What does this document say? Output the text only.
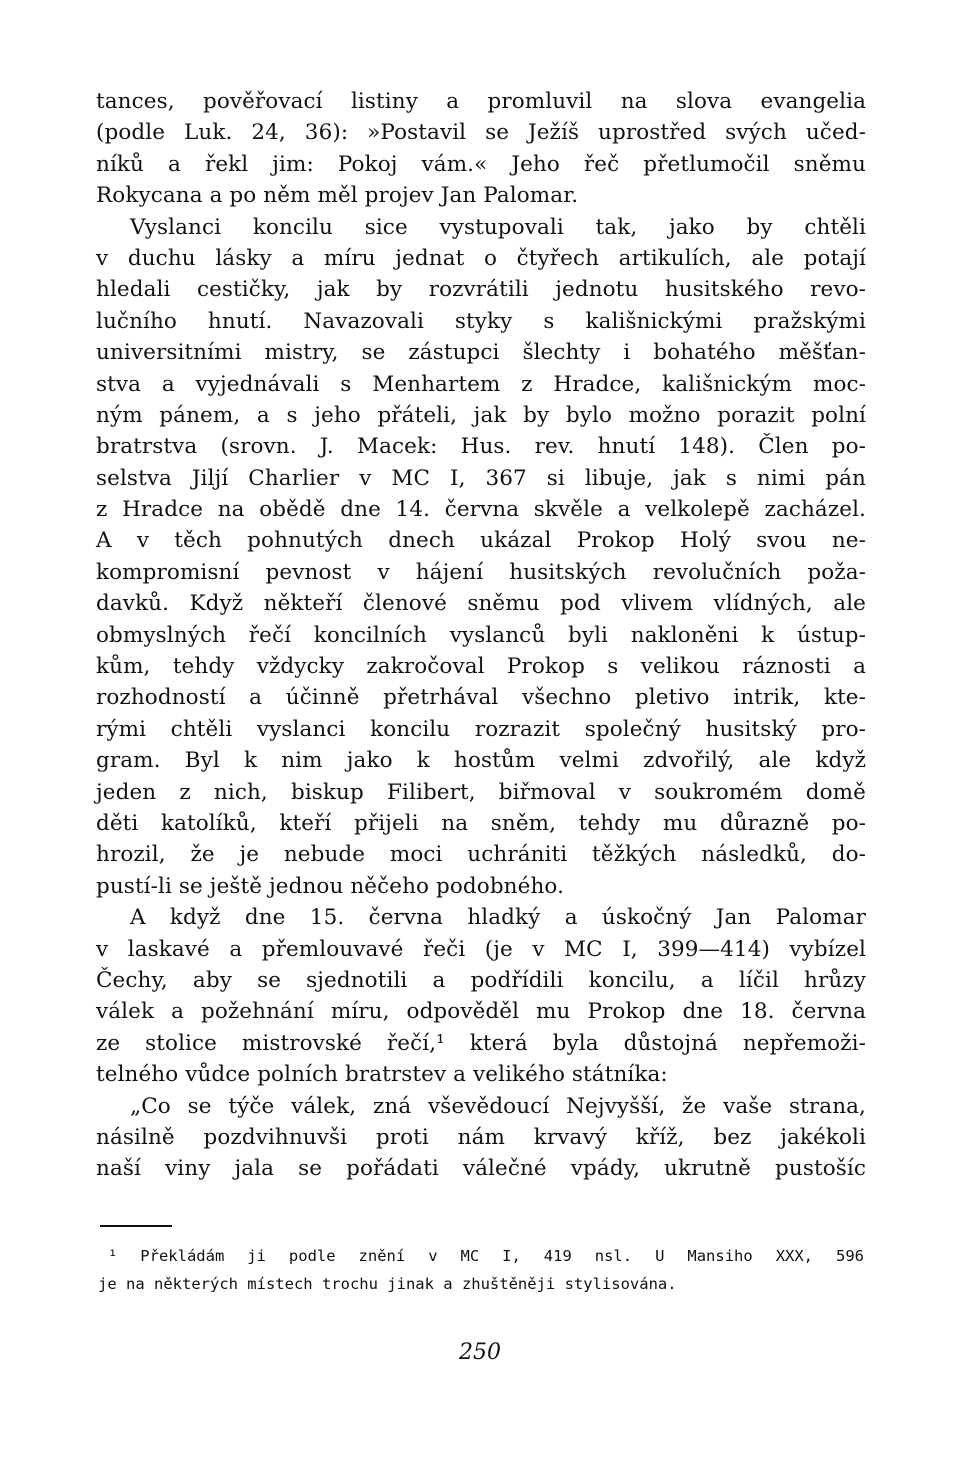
tances, pověřovací listiny a promluvil na slova evangelia
(podle Luk. 24, 36): »Postavil se Ježíš uprostřed svých učed-
níků a řekl jim: Pokoj vám.« Jeho řeč přetlumočil sněmu
Rokycana a po něm měl projev Jan Palomar.
Vyslanci koncilu sice vystupovali tak, jako by chtěli
v duchu lásky a míru jednat o čtyřech artikulích, ale potají
hledali cestičky, jak by rozvrátili jednotu husitského revo-
lučního hnutí. Navazovali styky s kališnickými pražskými
universitními mistry, se zástupci šlechty i bohatého měšťan-
stva a vyjednávali s Menhartem z Hradce, kališnickým moc-
ným pánem, a s jeho přáteli, jak by bylo možno porazit polní
bratrstva (srovn. J. Macek: Hus. rev. hnutí 148). Člen po-
selstva Jiljí Charlier v MC I, 367 si libuje, jak s nimi pán
z Hradce na obědě dne 14. června skvěle a velkolepě zacházel.
A v těch pohnutých dnech ukázal Prokop Holý svou ne-
kompromisní pevnost v hájení husitských revolučních poža-
davků. Když někteří členové sněmu pod vlivem vlídných, ale
obmyslných řečí koncilních vyslanců byli nakloněni k ústup-
kům, tehdy vždycky zakročoval Prokop s velikou ráznosti a
rozhodností a účinně přetrhával všechno pletivo intrik, kte-
rými chtěli vyslanci koncilu rozrazit společný husitský pro-
gram. Byl k nim jako k hostům velmi zdvořilý, ale když
jeden z nich, biskup Filibert, biřmoval v soukromém domě
děti katolíků, kteří přijeli na sněm, tehdy mu důrazně po-
hrozil, že je nebude moci uchrániti těžkých následků, do-
pustí-li se ještě jednou něčeho podobného.
A když dne 15. června hladký a úskočný Jan Palomar
v laskavé a přemlouvavé řeči (je v MC I, 399—414) vybízel
Čechy, aby se sjednotili a podřídili koncilu, a líčil hrůzy
válek a požehnání míru, odpověděl mu Prokop dne 18. června
ze stolice mistrovské řečí,¹ která byla důstojná nepřemoži-
telného vůdce polních bratrstev a velikého státníka:
„Co se týče válek, zná vševědoucí Nejvyšší, že vaše strana,
násilně pozdvihnuvši proti nám krvavý kříž, bez jakékoli
naší viny jala se pořádati válečné vpády, ukrutně pustošíc
¹ Překládám ji podle znění v MC I, 419 nsl. U Mansiho XXX, 596
je na některých místech trochu jinak a zhuštěněji stylisována.
250
